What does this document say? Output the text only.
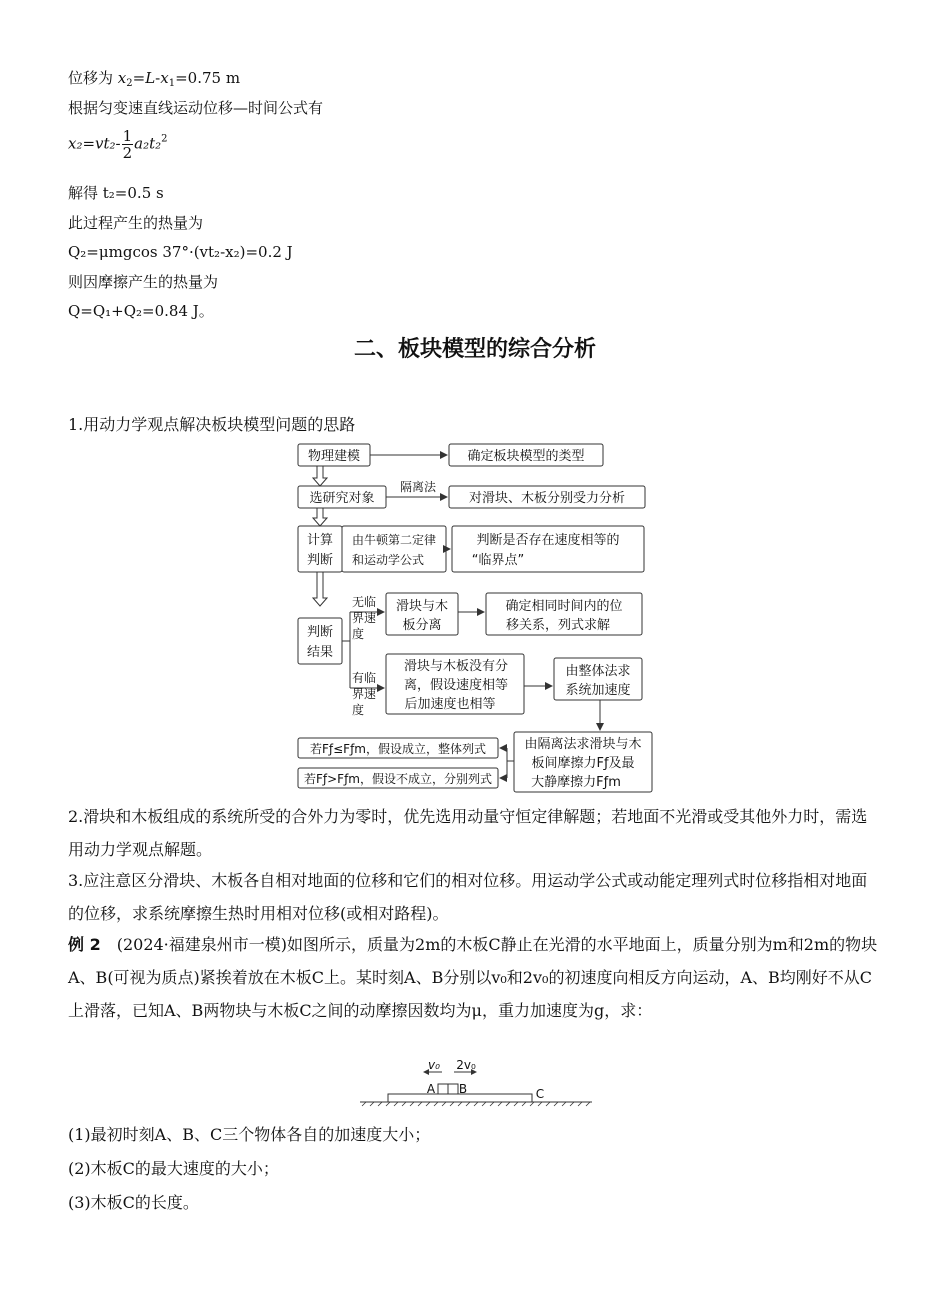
位移为 $x_2=L-x_1=0.75$ m
根据匀变速直线运动位移—时间公式有
$x_2=vt_2- \frac{1}{2} a_2t_2^2$
解得 t₂=0.5 s
此过程产生的热量为
Q₂=μmgcos 37°·(vt₂-x₂)=0.2 J
则因摩擦产生的热量为
Q=Q₁+Q₂=0.84 J。
二、板块模型的综合分析
1.用动力学观点解决板块模型问题的思路
物理建模	确定板块模型的类型
选研究对象
隔离法
对滑块、木板分别受力分析
计算
判断
由牛顿第二定律
和运动学公式
判断是否存在速度相等的
“临界点”
判断
结果
无临
界速
度
滑块与木
板分离
确定相同时间内的位
移关系，列式求解
有临
界速
度
滑块与木板没有分
离，假设速度相等
后加速度也相等
由整体法求
系统加速度
由隔离法求滑块与木
板间摩擦力Fƒ及最
大静摩擦力Fƒm
若Fƒ≤Fƒm，假设成立，整体列式
若Fƒ>Fƒm，假设不成立，分别列式
2.滑块和木板组成的系统所受的合外力为零时，优先选用动量守恒定律解题；若地面不光滑或受其他外力时，需选用动力学观点解题。
3.应注意区分滑块、木板各自相对地面的位移和它们的相对位移。用运动学公式或动能定理列式时位移指相对地面的位移，求系统摩擦生热时用相对位移(或相对路程)。
例 2　(2024·福建泉州市一模)如图所示，质量为2m的木板C静止在光滑的水平地面上，质量分别为m和2m的物块A、B(可视为质点)紧挨着放在木板C上。某时刻A、B分别以v₀和2v₀的初速度向相反方向运动，A、B均刚好不从C上滑落，已知A、B两物块与木板C之间的动摩擦因数均为μ，重力加速度为g，求：
v₀ 2v₀
A B	C
(1)最初时刻A、B、C三个物体各自的加速度大小；
(2)木板C的最大速度的大小；
(3)木板C的长度。
